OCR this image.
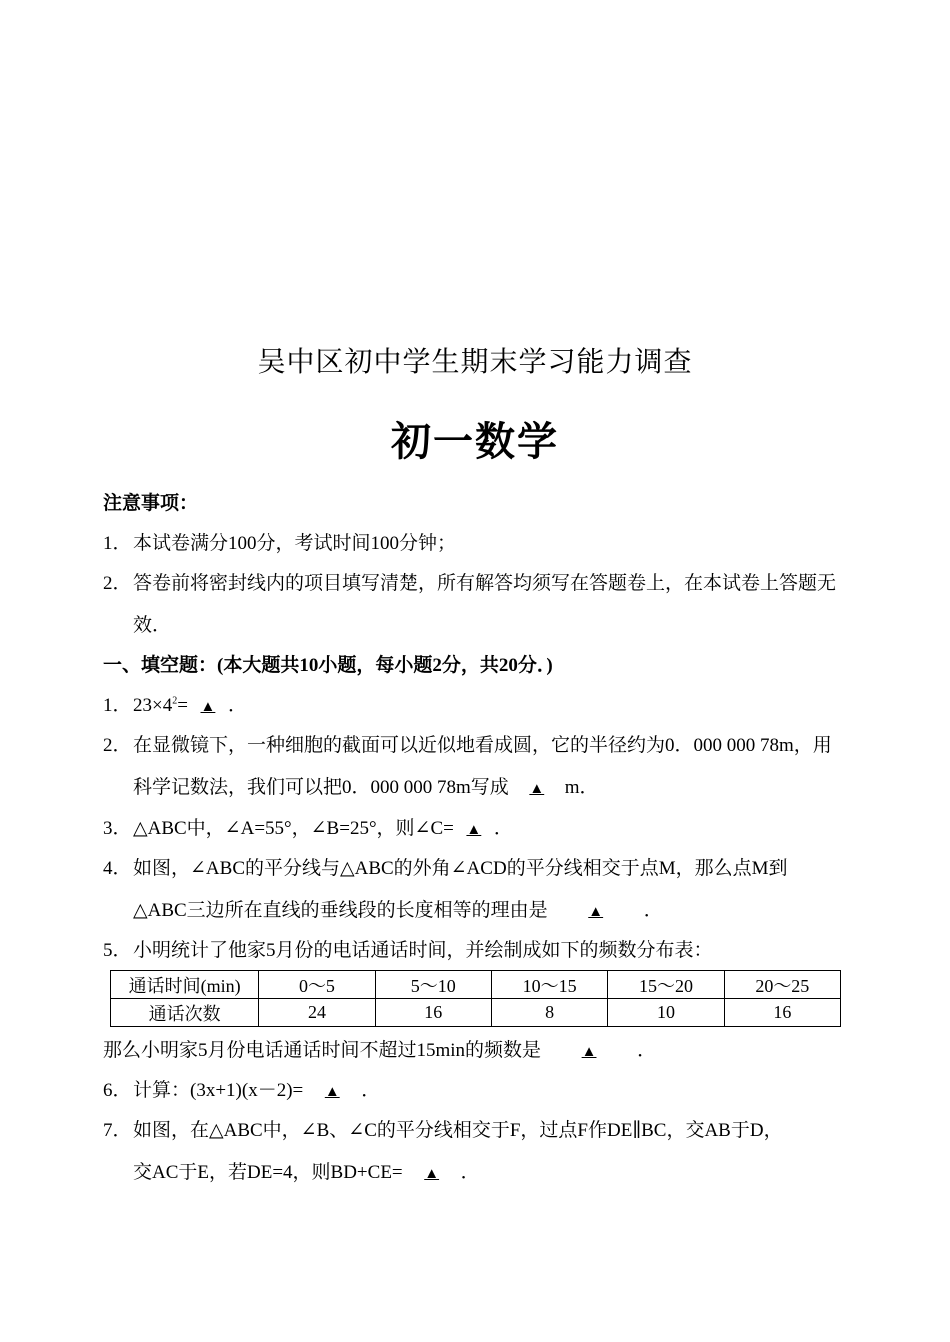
吴中区初中学生期末学习能力调查
初一数学
注意事项：
1．本试卷满分100分，考试时间100分钟；
2．答卷前将密封线内的项目填写清楚，所有解答均须写在答题卷上，在本试卷上答题无
效．
一、填空题：(本大题共10小题，每小题2分，共20分．)
1．$23\times 4^2=$ ▲ ．
2．在显微镜下，一种细胞的截面可以近似地看成圆，它的半径约为0．000 000 78m，用
科学记数法，我们可以把0．000 000 78m写成 ▲ m．
3．△ABC中，∠A=55°，∠B=25°，则∠C= ▲ ．
4．如图，∠ABC的平分线与△ABC的外角∠ACD的平分线相交于点M，那么点M到
△ABC三边所在直线的垂线段的长度相等的理由是	▲ ．
5．小明统计了他家5月份的电话通话时间，并绘制成如下的频数分布表：
通话时间(min)	0～5	5～10	10～15	15～20	20～25
通话次数	24	16	8	10	16
那么小明家5月份电话通话时间不超过15min的频数是	▲ ．
6．计算：(3x+1)(x－2)= ▲ ．
7．如图，在△ABC中，∠B、∠C的平分线相交于F，过点F作DE∥BC，交AB于D，
交AC于E，若DE=4，则BD+CE= ▲ ．
